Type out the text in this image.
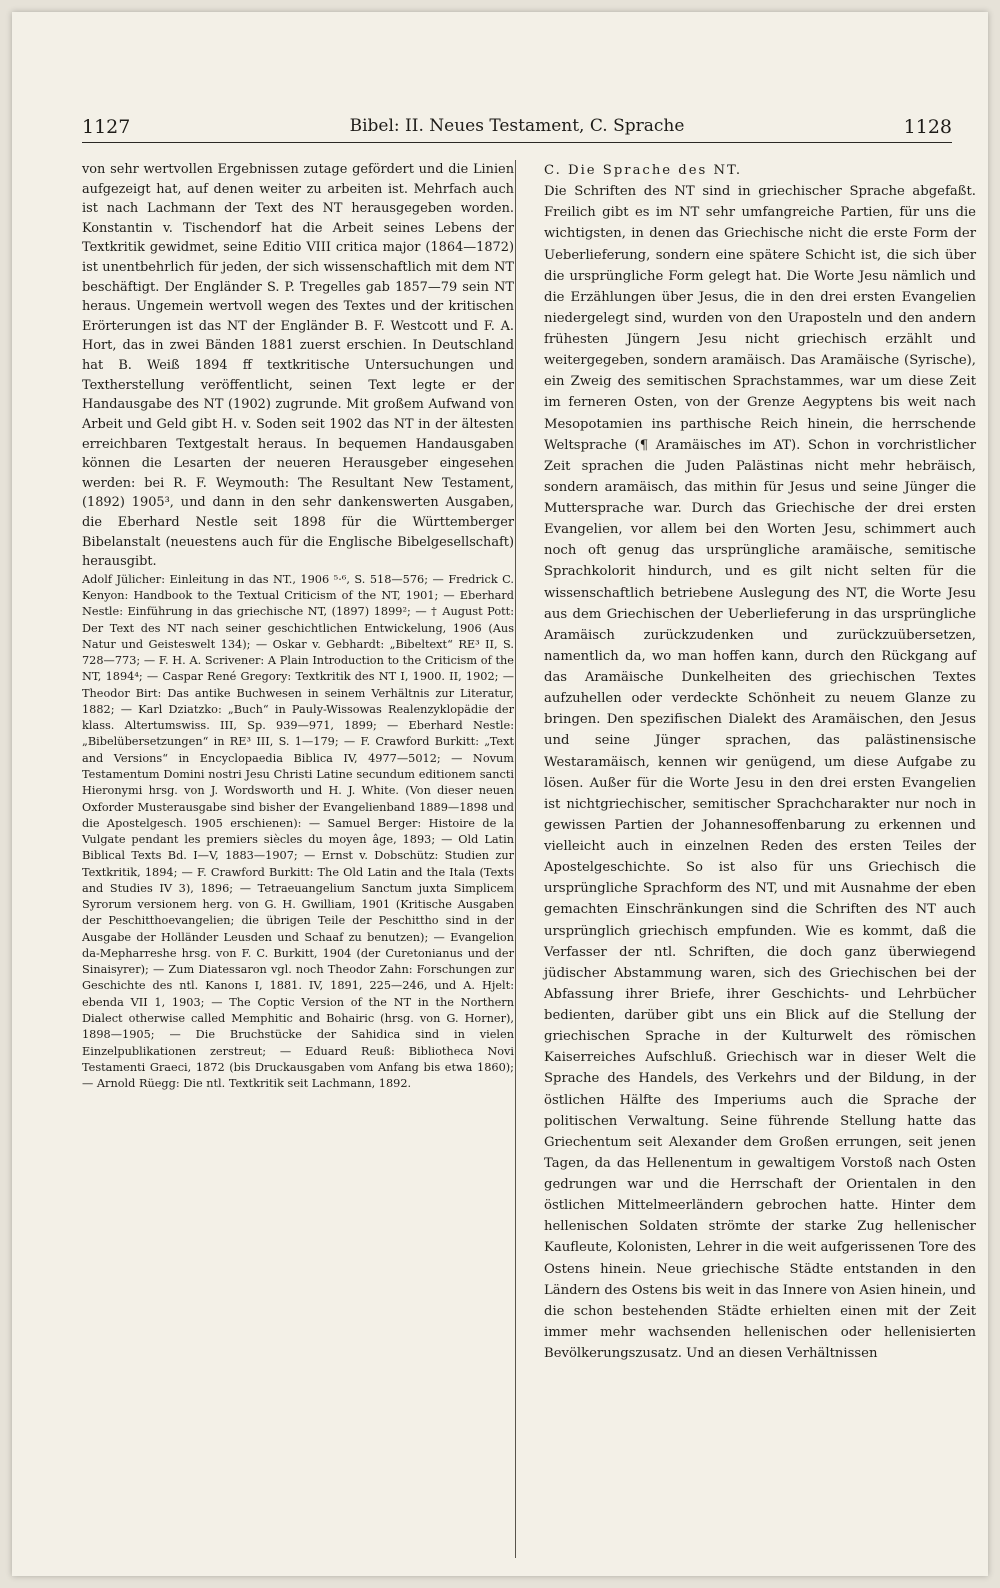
1127	Bibel: II. Neues Testament, C. Sprache	1128

von sehr wertvollen Ergebnissen zutage gefördert und die Linien aufgezeigt hat, auf denen weiter zu arbeiten ist. Mehrfach auch ist nach Lachmann der Text des NT herausgegeben worden. Konstantin v. Tischendorf hat die Arbeit seines Lebens der Textkritik gewidmet, seine Editio VIII critica major (1864—1872) ist unentbehrlich für jeden, der sich wissenschaftlich mit dem NT beschäftigt. Der Engländer S. P. Tregelles gab 1857—79 sein NT heraus. Ungemein wertvoll wegen des Textes und der kritischen Erörterungen ist das NT der Engländer B. F. Westcott und F. A. Hort, das in zwei Bänden 1881 zuerst erschien. In Deutschland hat B. Weiß 1894 ff textkritische Untersuchungen und Textherstellung veröffentlicht, seinen Text legte er der Handausgabe des NT (1902) zugrunde. Mit großem Aufwand von Arbeit und Geld gibt H. v. Soden seit 1902 das NT in der ältesten erreichbaren Textgestalt heraus. In bequemen Handausgaben können die Lesarten der neueren Herausgeber eingesehen werden: bei R. F. Weymouth: The Resultant New Testament, (1892) 1905³, und dann in den sehr dankenswerten Ausgaben, die Eberhard Nestle seit 1898 für die Württemberger Bibelanstalt (neuestens auch für die Englische Bibelgesellschaft) herausgibt.

Adolf Jülicher: Einleitung in das NT., 1906 ⁵·⁶, S. 518—576; — Fredrick C. Kenyon: Handbook to the Textual Criticism of the NT, 1901; — Eberhard Nestle: Einführung in das griechische NT, (1897) 1899²; — † August Pott: Der Text des NT nach seiner geschichtlichen Entwickelung, 1906 (Aus Natur und Geisteswelt 134); — Oskar v. Gebhardt: „Bibeltext“ RE³ II, S. 728—773; — F. H. A. Scrivener: A Plain Introduction to the Criticism of the NT, 1894⁴; — Caspar René Gregory: Textkritik des NT I, 1900. II, 1902; — Theodor Birt: Das antike Buchwesen in seinem Verhältnis zur Literatur, 1882; — Karl Dziatzko: „Buch“ in Pauly-Wissowas Realenzyklopädie der klass. Altertumswiss. III, Sp. 939—971, 1899; — Eberhard Nestle: „Bibelübersetzungen“ in RE³ III, S. 1—179; — F. Crawford Burkitt: „Text and Versions“ in Encyclopaedia Biblica IV, 4977—5012; — Novum Testamentum Domini nostri Jesu Christi Latine secundum editionem sancti Hieronymi hrsg. von J. Wordsworth und H. J. White. (Von dieser neuen Oxforder Musterausgabe sind bisher der Evangelienband 1889—1898 und die Apostelgesch. 1905 erschienen): — Samuel Berger: Histoire de la Vulgate pendant les premiers siècles du moyen âge, 1893; — Old Latin Biblical Texts Bd. I—V, 1883—1907; — Ernst v. Dobschütz: Studien zur Textkritik, 1894; — F. Crawford Burkitt: The Old Latin and the Itala (Texts and Studies IV 3), 1896; — Tetraeuangelium Sanctum juxta Simplicem Syrorum versionem herg. von G. H. Gwilliam, 1901 (Kritische Ausgaben der Peschitthoevangelien; die übrigen Teile der Peschittho sind in der Ausgabe der Holländer Leusden und Schaaf zu benutzen); — Evangelion da-Mepharreshe hrsg. von F. C. Burkitt, 1904 (der Curetonianus und der Sinaisyrer); — Zum Diatessaron vgl. noch Theodor Zahn: Forschungen zur Geschichte des ntl. Kanons I, 1881. IV, 1891, 225—246, und A. Hjelt: ebenda VII 1, 1903; — The Coptic Version of the NT in the Northern Dialect otherwise called Memphitic and Bohairic (hrsg. von G. Horner), 1898—1905; — Die Bruchstücke der Sahidica sind in vielen Einzelpublikationen zerstreut; — Eduard Reuß: Bibliotheca Novi Testamenti Graeci, 1872 (bis Druckausgaben vom Anfang bis etwa 1860); — Arnold Rüegg: Die ntl. Textkritik seit Lachmann, 1892.

C. Die Sprache des NT.

Die Schriften des NT sind in griechischer Sprache abgefaßt. Freilich gibt es im NT sehr umfangreiche Partien, für uns die wichtigsten, in denen das Griechische nicht die erste Form der Ueberlieferung, sondern eine spätere Schicht ist, die sich über die ursprüngliche Form gelegt hat. Die Worte Jesu nämlich und die Erzählungen über Jesus, die in den drei ersten Evangelien niedergelegt sind, wurden von den Uraposteln und den andern frühesten Jüngern Jesu nicht griechisch erzählt und weitergegeben, sondern aramäisch. Das Aramäische (Syrische), ein Zweig des semitischen Sprachstammes, war um diese Zeit im ferneren Osten, von der Grenze Aegyptens bis weit nach Mesopotamien ins parthische Reich hinein, die herrschende Weltsprache (¶ Aramäisches im AT). Schon in vorchristlicher Zeit sprachen die Juden Palästinas nicht mehr hebräisch, sondern aramäisch, das mithin für Jesus und seine Jünger die Muttersprache war. Durch das Griechische der drei ersten Evangelien, vor allem bei den Worten Jesu, schimmert auch noch oft genug das ursprüngliche aramäische, semitische Sprachkolorit hindurch, und es gilt nicht selten für die wissenschaftlich betriebene Auslegung des NT, die Worte Jesu aus dem Griechischen der Ueberlieferung in das ursprüngliche Aramäisch zurückzudenken und zurückzuübersetzen, namentlich da, wo man hoffen kann, durch den Rückgang auf das Aramäische Dunkelheiten des griechischen Textes aufzuhellen oder verdeckte Schönheit zu neuem Glanze zu bringen. Den spezifischen Dialekt des Aramäischen, den Jesus und seine Jünger sprachen, das palästinensische Westaramäisch, kennen wir genügend, um diese Aufgabe zu lösen. Außer für die Worte Jesu in den drei ersten Evangelien ist nichtgriechischer, semitischer Sprachcharakter nur noch in gewissen Partien der Johannesoffenbarung zu erkennen und vielleicht auch in einzelnen Reden des ersten Teiles der Apostelgeschichte. So ist also für uns Griechisch die ursprüngliche Sprachform des NT, und mit Ausnahme der eben gemachten Einschränkungen sind die Schriften des NT auch ursprünglich griechisch empfunden. Wie es kommt, daß die Verfasser der ntl. Schriften, die doch ganz überwiegend jüdischer Abstammung waren, sich des Griechischen bei der Abfassung ihrer Briefe, ihrer Geschichts- und Lehrbücher bedienten, darüber gibt uns ein Blick auf die Stellung der griechischen Sprache in der Kulturwelt des römischen Kaiserreiches Aufschluß. Griechisch war in dieser Welt die Sprache des Handels, des Verkehrs und der Bildung, in der östlichen Hälfte des Imperiums auch die Sprache der politischen Verwaltung. Seine führende Stellung hatte das Griechentum seit Alexander dem Großen errungen, seit jenen Tagen, da das Hellenentum in gewaltigem Vorstoß nach Osten gedrungen war und die Herrschaft der Orientalen in den östlichen Mittelmeerländern gebrochen hatte. Hinter dem hellenischen Soldaten strömte der starke Zug hellenischer Kaufleute, Kolonisten, Lehrer in die weit aufgerissenen Tore des Ostens hinein. Neue griechische Städte entstanden in den Ländern des Ostens bis weit in das Innere von Asien hinein, und die schon bestehenden Städte erhielten einen mit der Zeit immer mehr wachsenden hellenischen oder hellenisierten Bevölkerungszusatz. Und an diesen Verhältnissen
